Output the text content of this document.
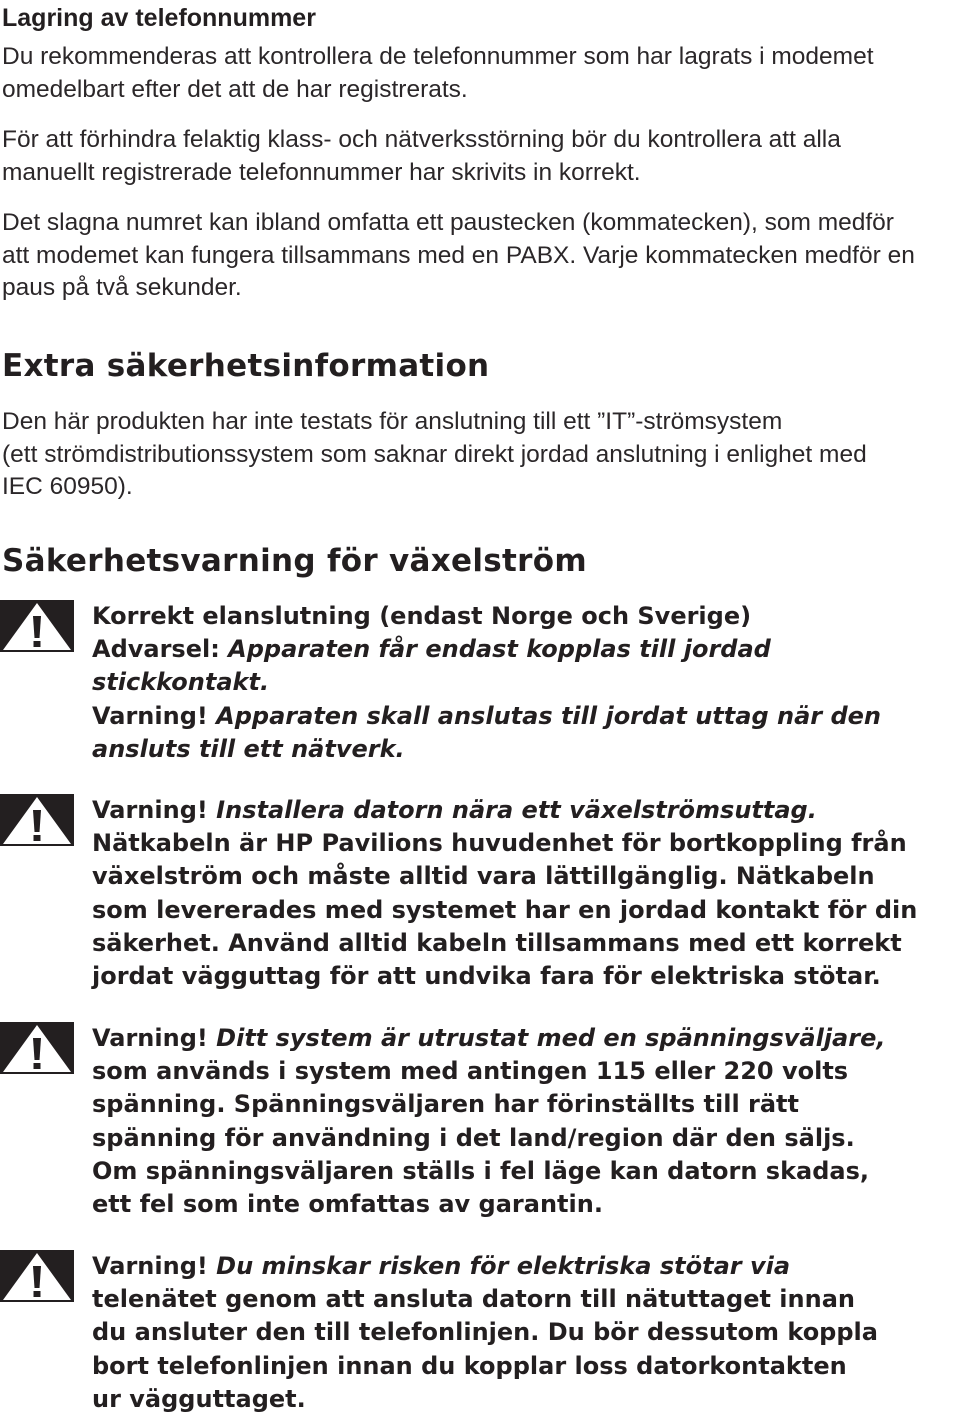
Lagring av telefonnummer

Du rekommenderas att kontrollera de telefonnummer som har lagrats i modemet
omedelbart efter det att de har registrerats.

För att förhindra felaktig klass- och nätverksstörning bör du kontrollera att alla
manuellt registrerade telefonnummer har skrivits in korrekt.

Det slagna numret kan ibland omfatta ett paustecken (kommatecken), som medför
att modemet kan fungera tillsammans med en PABX. Varje kommatecken medför en
paus på två sekunder.

Extra säkerhetsinformation

Den här produkten har inte testats för anslutning till ett ”IT”-strömsystem
(ett strömdistributionssystem som saknar direkt jordad anslutning i enlighet med
IEC 60950).

Säkerhetsvarning för växelström

Korrekt elanslutning (endast Norge och Sverige)
Advarsel: Apparaten får endast kopplas till jordad
stickkontakt.
Varning! Apparaten skall anslutas till jordat uttag när den
ansluts till ett nätverk.

Varning! Installera datorn nära ett växelströmsuttag.
Nätkabeln är HP Pavilions huvudenhet för bortkoppling från
växelström och måste alltid vara lättillgänglig. Nätkabeln
som levererades med systemet har en jordad kontakt för din
säkerhet. Använd alltid kabeln tillsammans med ett korrekt
jordat vägguttag för att undvika fara för elektriska stötar.

Varning! Ditt system är utrustat med en spänningsväljare,
som används i system med antingen 115 eller 220 volts
spänning. Spänningsväljaren har förinställts till rätt
spänning för användning i det land/region där den säljs.
Om spänningsväljaren ställs i fel läge kan datorn skadas,
ett fel som inte omfattas av garantin.

Varning! Du minskar risken för elektriska stötar via
telenätet genom att ansluta datorn till nätuttaget innan
du ansluter den till telefonlinjen. Du bör dessutom koppla
bort telefonlinjen innan du kopplar loss datorkontakten
ur vägguttaget.
